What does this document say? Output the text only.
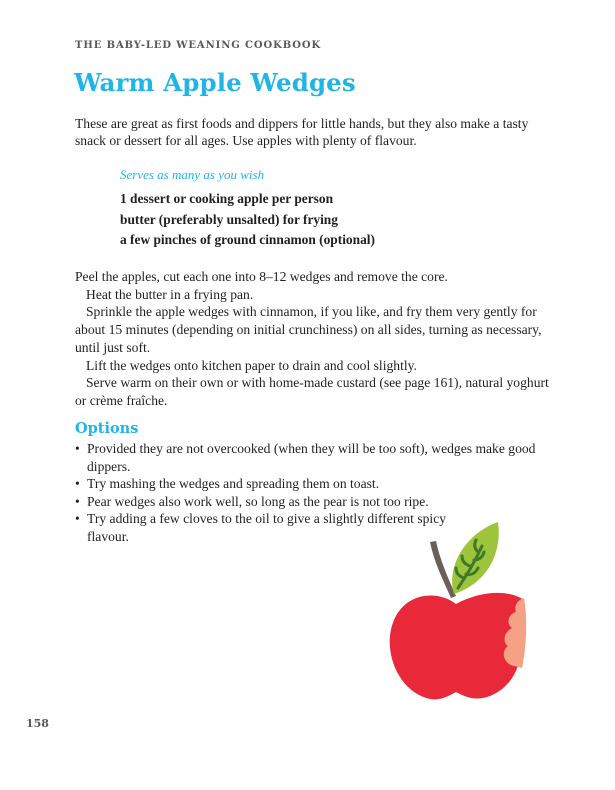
THE BABY-LED WEANING COOKBOOK
Warm Apple Wedges

These are great as first foods and dippers for little hands, but they also make a tasty snack or dessert for all ages. Use apples with plenty of flavour.

Serves as many as you wish
1 dessert or cooking apple per person
butter (preferably unsalted) for frying
a few pinches of ground cinnamon (optional)

Peel the apples, cut each one into 8–12 wedges and remove the core.

Heat the butter in a frying pan.

Sprinkle the apple wedges with cinnamon, if you like, and fry them very gently for about 15 minutes (depending on initial crunchiness) on all sides, turning as necessary, until just soft.

Lift the wedges onto kitchen paper to drain and cool slightly.

Serve warm on their own or with home-made custard (see page 161), natural yoghurt or crème fraîche.

Options
• Provided they are not overcooked (when they will be too soft), wedges make good dippers.
• Try mashing the wedges and spreading them on toast.
• Pear wedges also work well, so long as the pear is not too ripe.
• Try adding a few cloves to the oil to give a slightly different spicy flavour.
158
